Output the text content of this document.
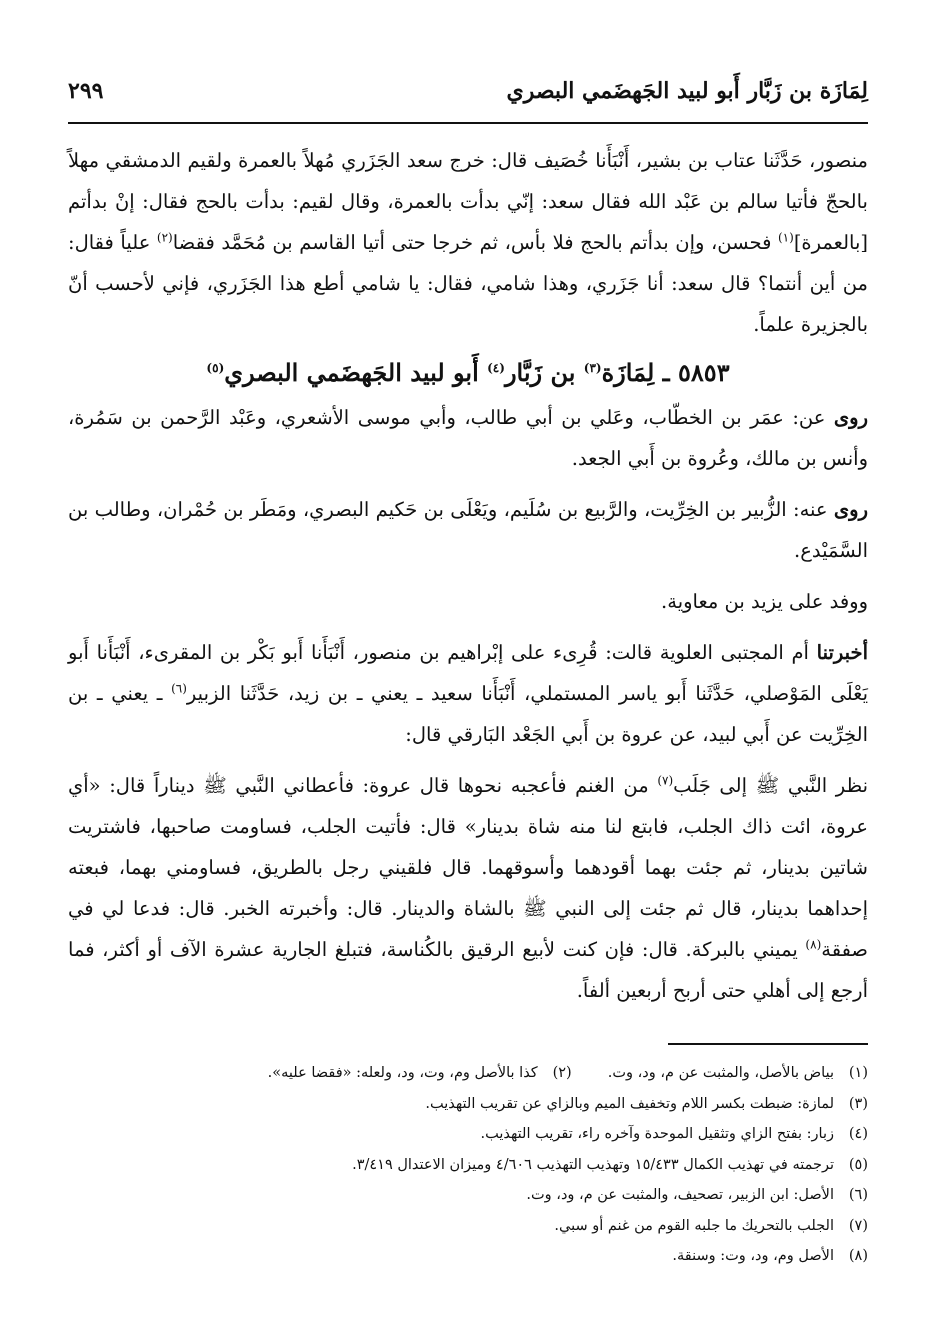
لِمَازَة بن زَبَّار أَبو لبيد الجَهضَمي البصري
٢٩٩

منصور، حَدَّثَنا عتاب بن بشير، أَنْبَأَنا خُصَيف قال: خرج سعد الجَزَري مُهلاً بالعمرة ولقيم الدمشقي مهلاً بالحجّ فأتيا سالم بن عَبْد الله فقال سعد: إنّي بدأت بالعمرة، وقال لقيم: بدأت بالحج فقال: إنْ بدأتم [بالعمرة]$^{(١)}$ فحسن، وإن بدأتم بالحج فلا بأس، ثم خرجا حتى أتيا القاسم بن مُحَمَّد فقضا$^{(٢)}$ علياً فقال: من أين أنتما؟ قال سعد: أنا جَزَري، وهذا شامي، فقال: يا شامي أطع هذا الجَزَري، فإني لأحسب أنّ بالجزيرة علماً.

٥٨٥٣ ـ لِمَازَة$^{(٣)}$ بن زَبَّار$^{(٤)}$ أَبو لبيد الجَهضَمي البصري$^{(٥)}$

روى عن: عمَر بن الخطّاب، وعَلي بن أبي طالب، وأبي موسى الأشعري، وعَبْد الرَّحمن بن سَمُرة، وأنس بن مالك، وعُروة بن أَبي الجعد.

روى عنه: الزُّبير بن الخِرِّيت، والرَّبيع بن سُلَيم، ويَعْلَى بن حَكيم البصري، ومَطَر بن حُمْران، وطالب بن السَّمَيْدع.

ووفد على يزيد بن معاوية.

أخبرتنا أم المجتبى العلوية قالت: قُرِىء على إبْراهيم بن منصور، أَنْبَأَنا أَبو بَكْر بن المقرىء، أَنْبَأَنا أَبو يَعْلَى المَوْصلي، حَدَّثَنا أَبو ياسر المستملي، أَنْبَأَنا سعيد ـ يعني ـ بن زيد، حَدَّثَنا الزبير$^{(٦)}$ ـ يعني ـ بن الخِرِّيت عن أَبي لبيد، عن عروة بن أَبي الجَعْد البَارقي قال:

نظر النَّبي ﷺ إلى جَلَب$^{(٧)}$ من الغنم فأعجبه نحوها قال عروة: فأعطاني النَّبي ﷺ ديناراً قال: «أي عروة، ائت ذاك الجلب، فابتع لنا منه شاة بدينار» قال: فأتيت الجلب، فساومت صاحبها، فاشتريت شاتين بدينار، ثم جئت بهما أقودهما وأسوقهما. قال فلقيني رجل بالطريق، فساومني بهما، فبعته إحداهما بدينار، قال ثم جئت إلى النبي ﷺ بالشاة والدينار. قال: وأخبرته الخبر. قال: فدعا لي في صفقة$^{(٨)}$ يميني بالبركة. قال: فإن كنت لأبيع الرقيق بالكُناسة، فتبلغ الجارية عشرة الآف أو أكثر، فما أرجع إلى أهلي حتى أربح أربعين ألفاً.

(١)بياض بالأصل، والمثبت عن م، ود، وت.(٢)كذا بالأصل وم، وت، ود، ولعله: «فقضا عليه».
(٣)لمازة: ضبطت بكسر اللام وتخفيف الميم وبالزاي عن تقريب التهذيب.
(٤)زبار: بفتح الزاي وتثقيل الموحدة وآخره راء، تقريب التهذيب.
(٥)ترجمته في تهذيب الكمال ١٥/٤٣٣ وتهذيب التهذيب ٤/٦٠٦ وميزان الاعتدال ٣/٤١٩.
(٦)الأصل: ابن الزبير، تصحيف، والمثبت عن م، ود، وت.
(٧)الجلب بالتحريك ما جلبه القوم من غنم أو سبي.
(٨)الأصل وم، ود، وت: وسنقة.
